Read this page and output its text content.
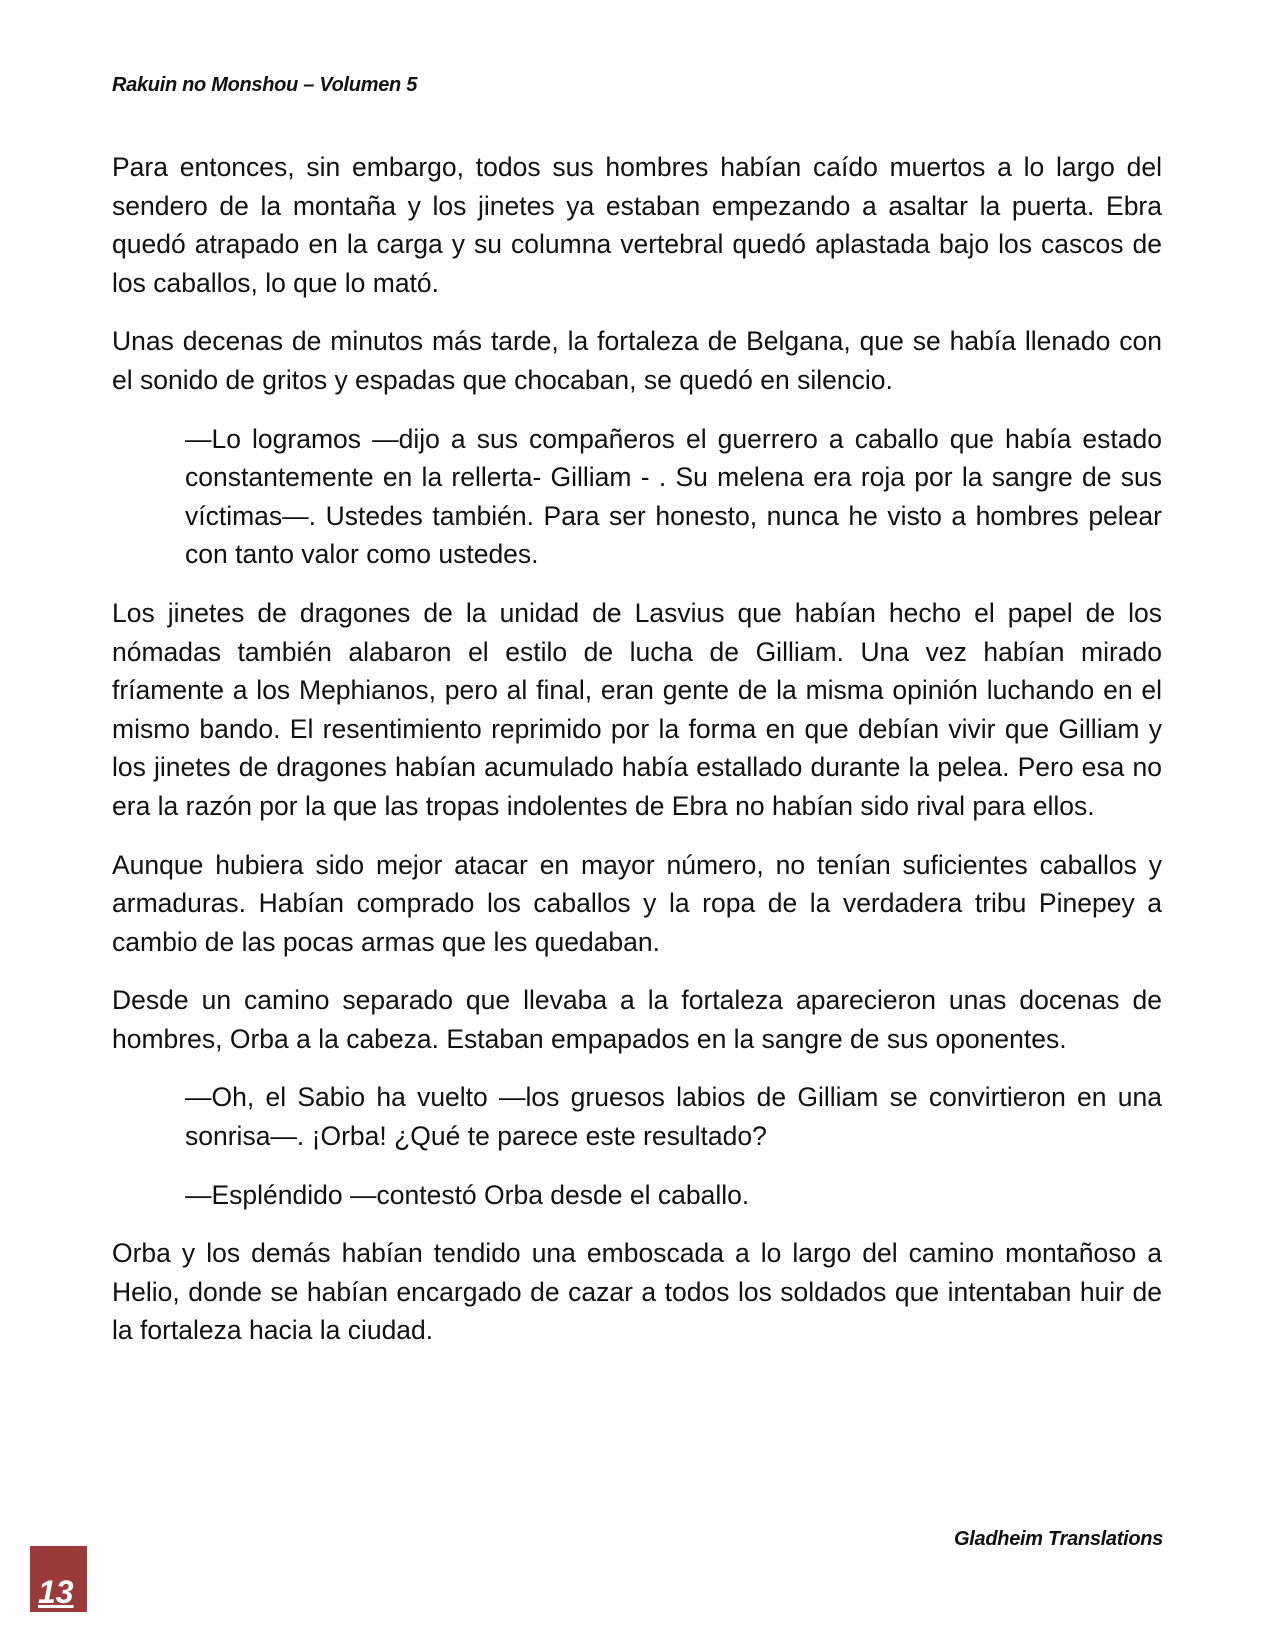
Rakuin no Monshou – Volumen 5

Para entonces, sin embargo, todos sus hombres habían caído muertos a lo largo del sendero de la montaña y los jinetes ya estaban empezando a asaltar la puerta. Ebra quedó atrapado en la carga y su columna vertebral quedó aplastada bajo los cascos de los caballos, lo que lo mató.

Unas decenas de minutos más tarde, la fortaleza de Belgana, que se había llenado con el sonido de gritos y espadas que chocaban, se quedó en silencio.

—Lo logramos —dijo a sus compañeros el guerrero a caballo que había estado constantemente en la rellerta- Gilliam - . Su melena era roja por la sangre de sus víctimas—. Ustedes también. Para ser honesto, nunca he visto a hombres pelear con tanto valor como ustedes.

Los jinetes de dragones de la unidad de Lasvius que habían hecho el papel de los nómadas también alabaron el estilo de lucha de Gilliam. Una vez habían mirado fríamente a los Mephianos, pero al final, eran gente de la misma opinión luchando en el mismo bando. El resentimiento reprimido por la forma en que debían vivir que Gilliam y los jinetes de dragones habían acumulado había estallado durante la pelea. Pero esa no era la razón por la que las tropas indolentes de Ebra no habían sido rival para ellos.

Aunque hubiera sido mejor atacar en mayor número, no tenían suficientes caballos y armaduras. Habían comprado los caballos y la ropa de la verdadera tribu Pinepey a cambio de las pocas armas que les quedaban.

Desde un camino separado que llevaba a la fortaleza aparecieron unas docenas de hombres, Orba a la cabeza. Estaban empapados en la sangre de sus oponentes.

—Oh, el Sabio ha vuelto —los gruesos labios de Gilliam se convirtieron en una sonrisa—. ¡Orba! ¿Qué te parece este resultado?

—Espléndido —contestó Orba desde el caballo.

Orba y los demás habían tendido una emboscada a lo largo del camino montañoso a Helio, donde se habían encargado de cazar a todos los soldados que intentaban huir de la fortaleza hacia la ciudad.

Gladheim Translations
13
